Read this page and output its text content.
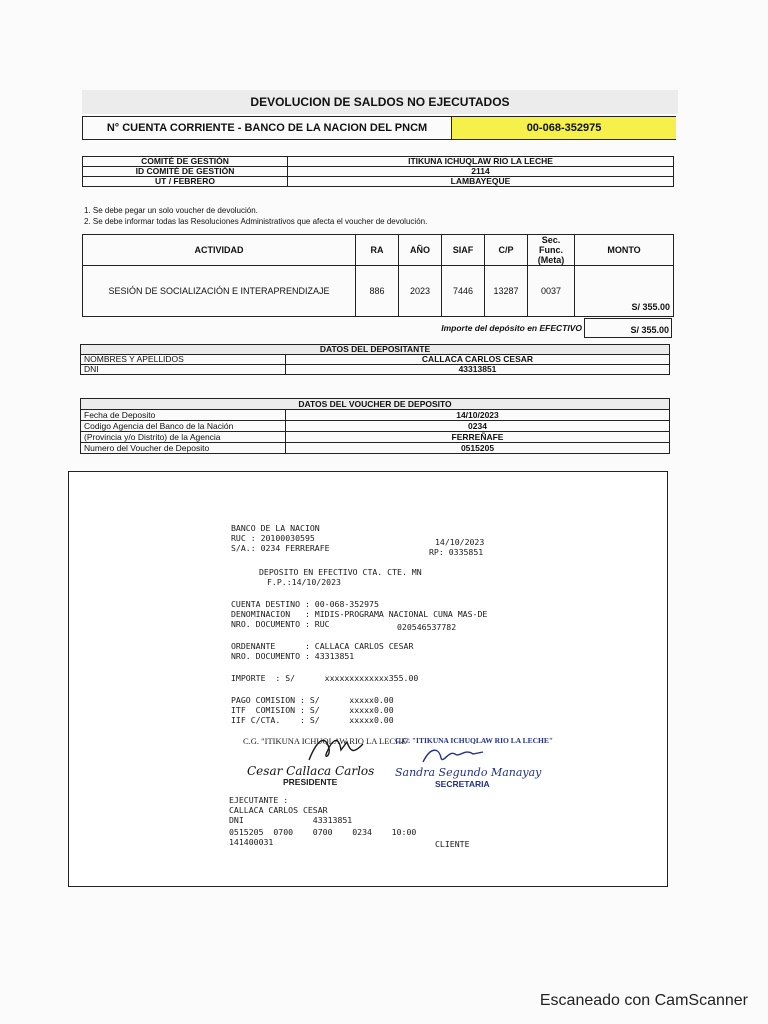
DEVOLUCION DE SALDOS NO EJECUTADOS
N° CUENTA CORRIENTE - BANCO DE LA NACION DEL PNCM	00-068-352975
COMITÉ DE GESTIÓN	ITIKUNA ICHUQLAW RIO LA LECHE
ID COMITÉ DE GESTIÓN	2114
UT / FEBRERO	LAMBAYEQUE
1. Se debe pegar un solo voucher de devolución.
2. Se debe informar todas las Resoluciones Administrativos que afecta el voucher de devolución.
ACTIVIDAD	RA	AÑO	SIAF	C/P	Sec. Func. (Meta)	MONTO
SESIÓN DE SOCIALIZACIÓN E INTERAPRENDIZAJE	886	2023	7446	13287	0037	S/ 355.00
Importe del depósito en EFECTIVO	S/ 355.00
DATOS DEL DEPOSITANTE	
NOMBRES Y APELLIDOS	CALLACA CARLOS CESAR
DNI	43313851
DATOS DEL VOUCHER DE DEPOSITO	
Fecha de Deposito	14/10/2023
Codigo Agencia del Banco de la Nación	0234
(Provincia y/o Distrito) de la Agencia	FERREÑAFE
Numero del Voucher de Deposito	0515205
BANCO DE LA NACION
RUC : 20100030595
S/A.: 0234 FERRERAFE
14/10/2023
RP: 0335851
DEPOSITO EN EFECTIVO CTA. CTE. MN
F.P.:14/10/2023
CUENTA DESTINO : 00-068-352975
DENOMINACION   : MIDIS-PROGRAMA NACIONAL CUNA MAS-DE
NRO. DOCUMENTO : RUC	020546537782
ORDENANTE      : CALLACA CARLOS CESAR
NRO. DOCUMENTO : 43313851
IMPORTE  : S/      xxxxxxxxxxxxx355.00
PAGO COMISION : S/      xxxxx0.00
ITF  COMISION : S/      xxxxx0.00
IIF C/CTA.    : S/      xxxxx0.00
C.G. "ITIKUNA ICHUQLAW RIO LA LECHE"
Cesar Callaca Carlos
PRESIDENTE
C.G. "ITIKUNA ICHUQLAW RIO LA LECHE"
Sandra Segundo Manayay
SECRETARIA
EJECUTANTE :
CALLACA CARLOS CESAR
DNI              43313851
0515205  0700    0700    0234    10:00
141400031	CLIENTE
Escaneado con CamScanner
